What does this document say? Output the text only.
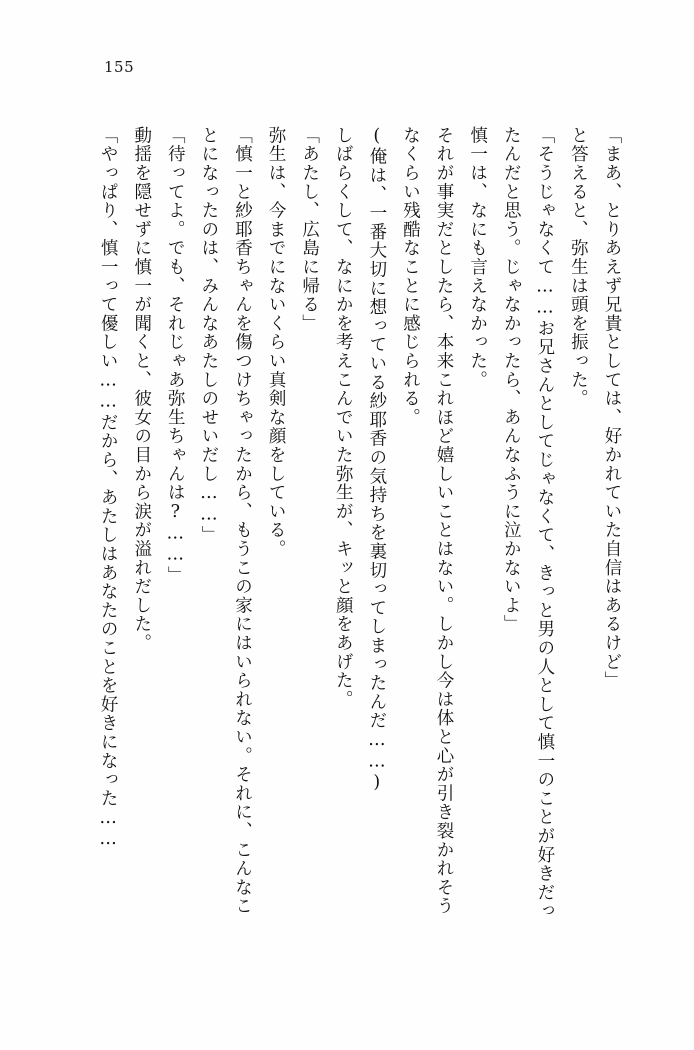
155

「まあ、とりあえず兄貴としては、好かれていた自信はあるけど」

と答えると、弥生は頭を振った。

「そうじゃなくて……お兄さんとしてじゃなくて、きっと男の人として慎一のことが好きだったんだと思う。じゃなかったら、あんなふうに泣かないよ」

慎一は、なにも言えなかった。

それが事実だとしたら、本来これほど嬉しいことはない。しかし今は体と心が引き裂かれそうなくらい残酷なことに感じられる。

(俺は、一番大切に想っている紗耶香の気持ちを裏切ってしまったんだ……)

しばらくして、なにかを考えこんでいた弥生が、キッと顔をあげた。

「あたし、広島に帰る」

弥生は、今までにないくらい真剣な顔をしている。

「慎一と紗耶香ちゃんを傷つけちゃったから、もうこの家にはいられない。それに、こんなことになったのは、みんなあたしのせいだし……」

「待ってよ。でも、それじゃあ弥生ちゃんは?……」

動揺を隠せずに慎一が聞くと、彼女の目から涙が溢れだした。

「やっぱり、慎一って優しい……だから、あたしはあなたのことを好きになった……
